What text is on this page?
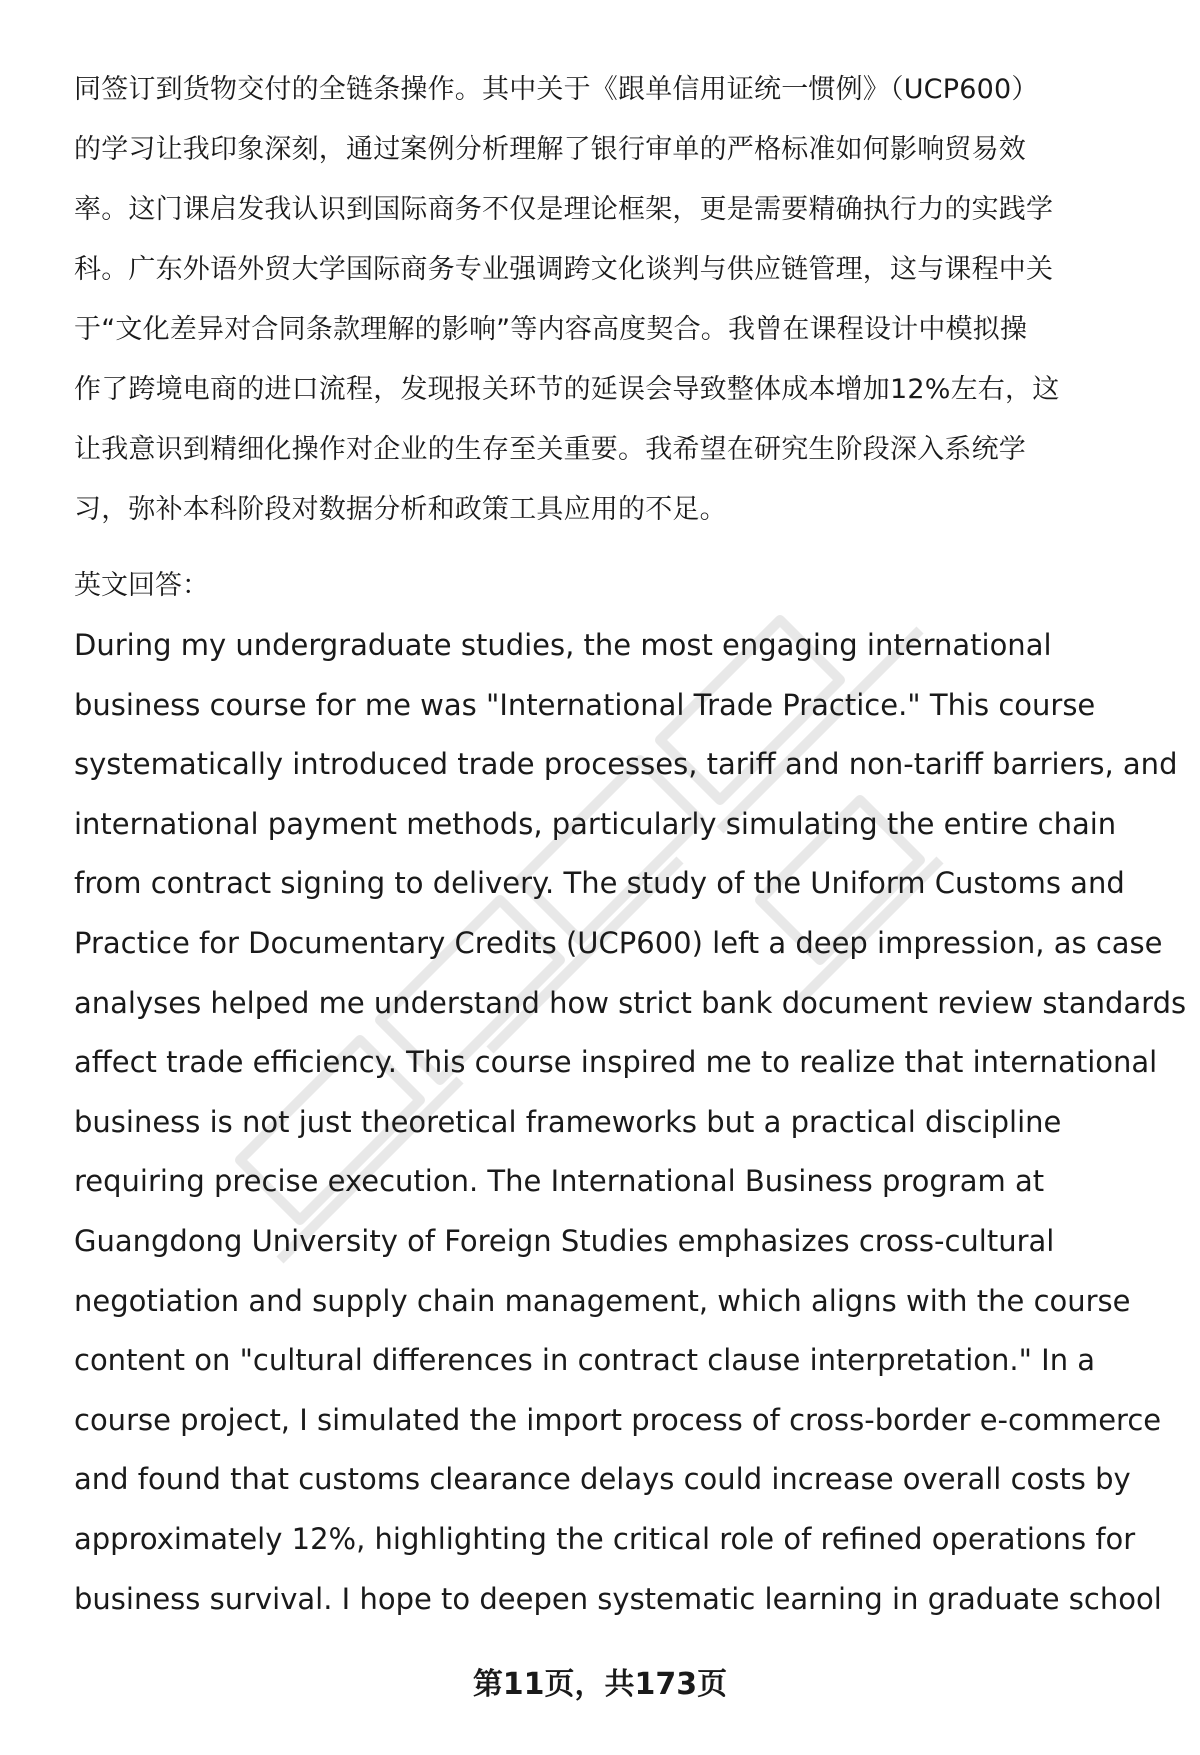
同签订到货物交付的全链条操作。其中关于《跟单信用证统一惯例》（UCP600）
的学习让我印象深刻，通过案例分析理解了银行审单的严格标准如何影响贸易效
率。这门课启发我认识到国际商务不仅是理论框架，更是需要精确执行力的实践学
科。广东外语外贸大学国际商务专业强调跨文化谈判与供应链管理，这与课程中关
于“文化差异对合同条款理解的影响”等内容高度契合。我曾在课程设计中模拟操
作了跨境电商的进口流程，发现报关环节的延误会导致整体成本增加12%左右，这
让我意识到精细化操作对企业的生存至关重要。我希望在研究生阶段深入系统学
习，弥补本科阶段对数据分析和政策工具应用的不足。

英文回答：

During my undergraduate studies, the most engaging international
business course for me was "International Trade Practice." This course
systematically introduced trade processes, tariff and non-tariff barriers, and
international payment methods, particularly simulating the entire chain
from contract signing to delivery. The study of the Uniform Customs and
Practice for Documentary Credits (UCP600) left a deep impression, as case
analyses helped me understand how strict bank document review standards
affect trade efficiency. This course inspired me to realize that international
business is not just theoretical frameworks but a practical discipline
requiring precise execution. The International Business program at
Guangdong University of Foreign Studies emphasizes cross-cultural
negotiation and supply chain management, which aligns with the course
content on "cultural differences in contract clause interpretation." In a
course project, I simulated the import process of cross-border e-commerce
and found that customs clearance delays could increase overall costs by
approximately 12%, highlighting the critical role of refined operations for
business survival. I hope to deepen systematic learning in graduate school

第11页，共173页
